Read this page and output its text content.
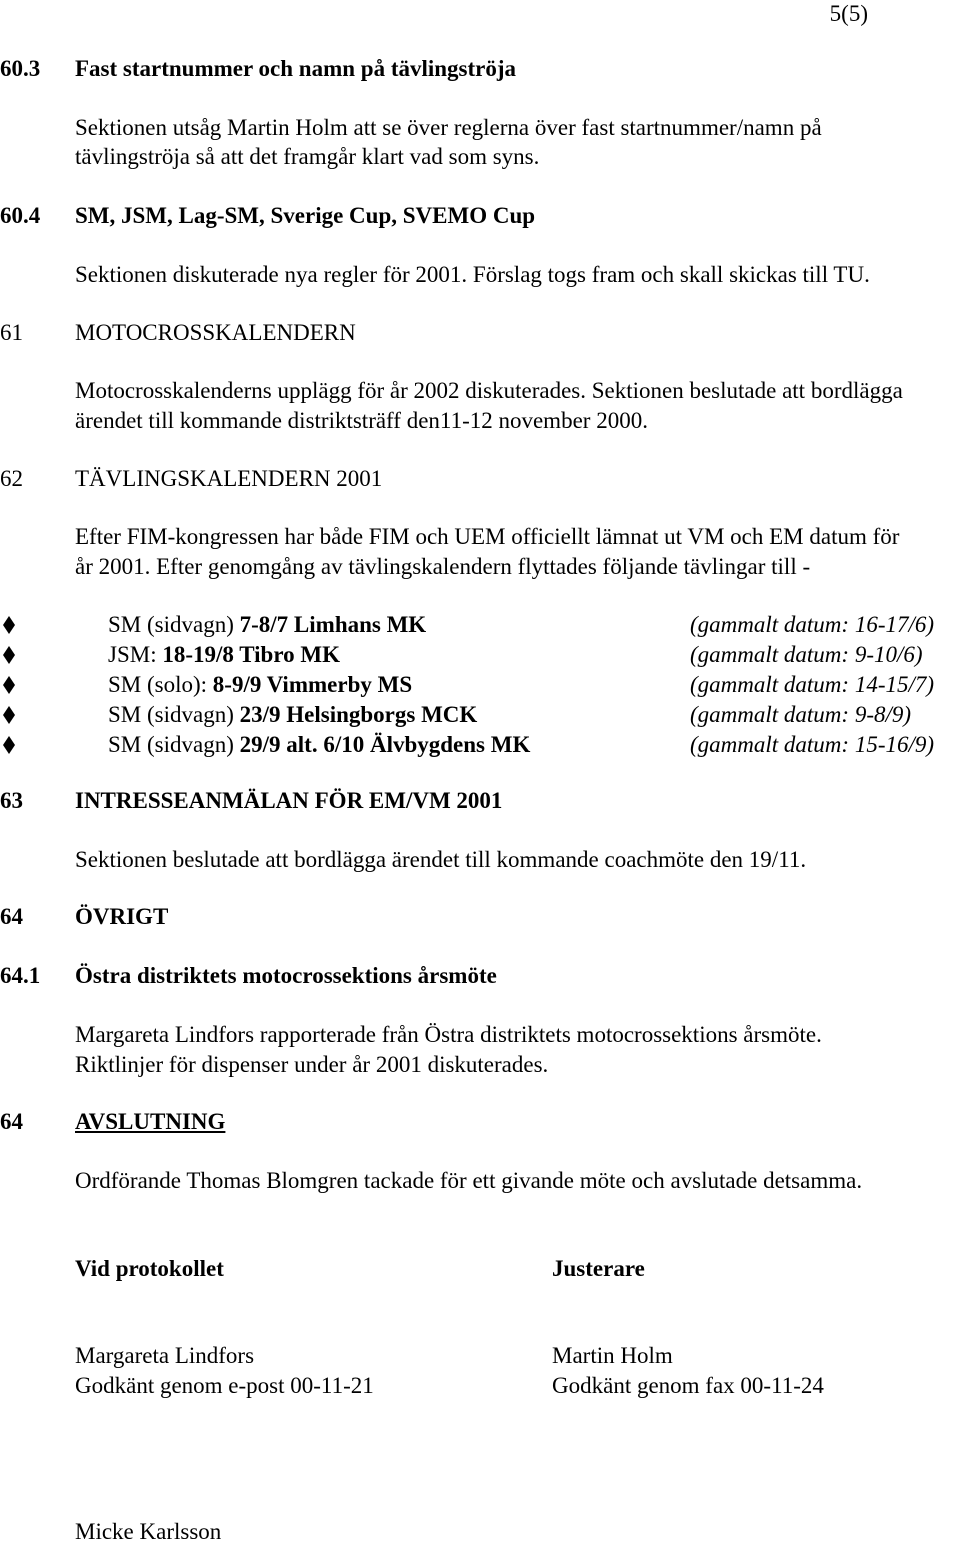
5(5)
60.3 Fast startnummer och namn på tävlingströja
Sektionen utsåg Martin Holm att se över reglerna över fast startnummer/namn på
tävlingströja så att det framgår klart vad som syns.
60.4 SM, JSM, Lag-SM, Sverige Cup, SVEMO Cup
Sektionen diskuterade nya regler för 2001. Förslag togs fram och skall skickas till TU.
61 MOTOCROSSKALENDERN
Motocrosskalenderns upplägg för år 2002 diskuterades. Sektionen beslutade att bordlägga
ärendet till kommande distriktsträff den11-12 november 2000.
62 TÄVLINGSKALENDERN 2001
Efter FIM-kongressen har både FIM och UEM officiellt lämnat ut VM och EM datum för
år 2001. Efter genomgång av tävlingskalendern flyttades följande tävlingar till -
SM (sidvagn) 7-8/7 Limhans MK	(gammalt datum: 16-17/6)
JSM: 18-19/8 Tibro MK	(gammalt datum: 9-10/6)
SM (solo): 8-9/9 Vimmerby MS	(gammalt datum: 14-15/7)
SM (sidvagn) 23/9 Helsingborgs MCK	(gammalt datum: 9-8/9)
SM (sidvagn) 29/9 alt. 6/10 Älvbygdens MK	(gammalt datum: 15-16/9)
63 INTRESSEANMÄLAN FÖR EM/VM 2001
Sektionen beslutade att bordlägga ärendet till kommande coachmöte den 19/11.
64 ÖVRIGT
64.1 Östra distriktets motocrossektions årsmöte
Margareta Lindfors rapporterade från Östra distriktets motocrossektions årsmöte.
Riktlinjer för dispenser under år 2001 diskuterades.
64 AVSLUTNING
Ordförande Thomas Blomgren tackade för ett givande möte och avslutade detsamma.
Vid protokollet	Justerare
Margareta Lindfors	Martin Holm
Godkänt genom e-post 00-11-21	Godkänt genom fax 00-11-24
Micke Karlsson
